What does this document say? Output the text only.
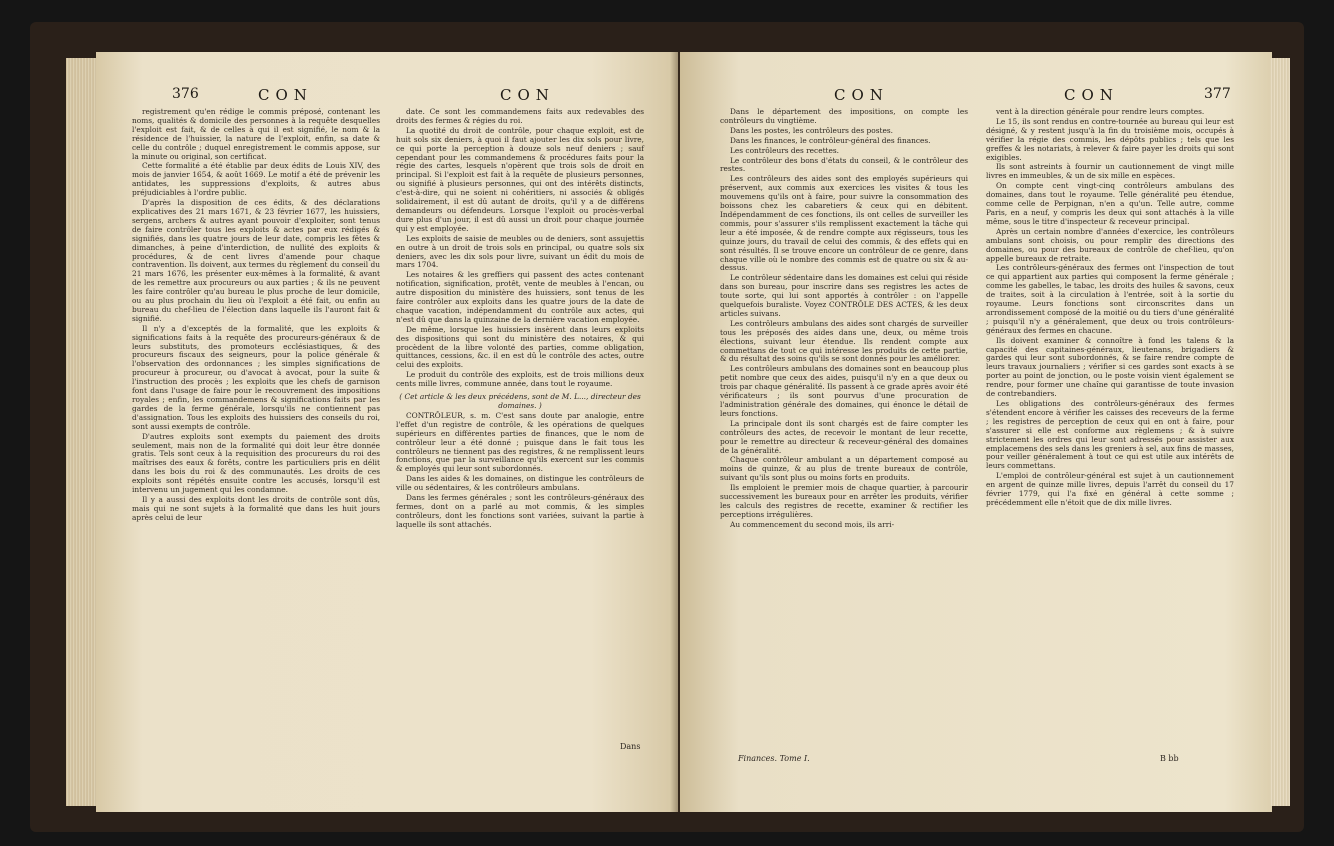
376	CON	CON

registrement qu'en rédige le commis préposé, contenant les noms, qualités & domicile des personnes à la requête desquelles l'exploit est fait, & de celles à qui il est signifié, le nom & la résidence de l'huissier, la nature de l'exploit, enfin, sa date & celle du contrôle ; duquel enregistrement le commis appose, sur la minute ou original, son certificat.

Cette formalité a été établie par deux édits de Louis XIV, des mois de janvier 1654, & août 1669. Le motif a été de prévenir les antidates, les suppressions d'exploits, & autres abus préjudiciables à l'ordre public.

D'après la disposition de ces édits, & des déclarations explicatives des 21 mars 1671, & 23 février 1677, les huissiers, sergens, archers & autres ayant pouvoir d'exploiter, sont tenus de faire contrôler tous les exploits & actes par eux rédigés & signifiés, dans les quatre jours de leur date, compris les fêtes & dimanches, à peine d'interdiction, de nullité des exploits & procédures, & de cent livres d'amende pour chaque contravention. Ils doivent, aux termes du règlement du conseil du 21 mars 1676, les présenter eux-mêmes à la formalité, & avant de les remettre aux procureurs ou aux parties ; & ils ne peuvent les faire contrôler qu'au bureau le plus proche de leur domicile, ou au plus prochain du lieu où l'exploit a été fait, ou enfin au bureau du chef-lieu de l'élection dans laquelle ils l'auront fait & signifié.

Il n'y a d'exceptés de la formalité, que les exploits & significations faits à la requête des procureurs-généraux & de leurs substituts, des promoteurs ecclésiastiques, & des procureurs fiscaux des seigneurs, pour la police générale & l'observation des ordonnances ; les simples significations de procureur à procureur, ou d'avocat à avocat, pour la suite & l'instruction des procès ; les exploits que les chefs de garnison font dans l'usage de faire pour le recouvrement des impositions royales ; enfin, les commandemens & significations faits par les gardes de la ferme générale, lorsqu'ils ne contiennent pas d'assignation. Tous les exploits des huissiers des conseils du roi, sont aussi exempts de contrôle.

D'autres exploits sont exempts du paiement des droits seulement, mais non de la formalité qui doit leur être donnée gratis. Tels sont ceux à la requisition des procureurs du roi des maîtrises des eaux & forêts, contre les particuliers pris en délit dans les bois du roi & des communautés. Les droits de ces exploits sont répétés ensuite contre les accusés, lorsqu'il est intervenu un jugement qui les condamne.

Il y a aussi des exploits dont les droits de contrôle sont dûs, mais qui ne sont sujets à la formalité que dans les huit jours après celui de leur

date. Ce sont les commandemens faits aux redevables des droits des fermes & régies du roi.

La quotité du droit de contrôle, pour chaque exploit, est de huit sols six deniers, à quoi il faut ajouter les dix sols pour livre, ce qui porte la perception à douze sols neuf deniers ; sauf cependant pour les commandemens & procédures faits pour la régie des cartes, lesquels n'opèrent que trois sols de droit en principal. Si l'exploit est fait à la requête de plusieurs personnes, ou signifié à plusieurs personnes, qui ont des intérêts distincts, c'est-à-dire, qui ne soient ni cohéritiers, ni associés & obligés solidairement, il est dû autant de droits, qu'il y a de différens demandeurs ou défendeurs. Lorsque l'exploit ou procès-verbal dure plus d'un jour, il est dû aussi un droit pour chaque journée qui y est employée.

Les exploits de saisie de meubles ou de deniers, sont assujettis en outre à un droit de trois sols en principal, ou quatre sols six deniers, avec les dix sols pour livre, suivant un édit du mois de mars 1704.

Les notaires & les greffiers qui passent des actes contenant notification, signification, protêt, vente de meubles à l'encan, ou autre disposition du ministère des huissiers, sont tenus de les faire contrôler aux exploits dans les quatre jours de la date de chaque vacation, indépendamment du contrôle aux actes, qui n'est dû que dans la quinzaine de la dernière vacation employée.

De même, lorsque les huissiers insèrent dans leurs exploits des dispositions qui sont du ministère des notaires, & qui procèdent de la libre volonté des parties, comme obligation, quittances, cessions, &c. il en est dû le contrôle des actes, outre celui des exploits.

Le produit du contrôle des exploits, est de trois millions deux cents mille livres, commune année, dans tout le royaume.

( Cet article & les deux précédens, sont de M. L..., directeur des domaines. )

CONTRÔLEUR, s. m. C'est sans doute par analogie, entre l'effet d'un registre de contrôle, & les opérations de quelques supérieurs en différentes parties de finances, que le nom de contrôleur leur a été donné ; puisque dans le fait tous les contrôleurs ne tiennent pas des registres, & ne remplissent leurs fonctions, que par la surveillance qu'ils exercent sur les commis & employés qui leur sont subordonnés.

Dans les aides & les domaines, on distingue les contrôleurs de ville ou sédentaires, & les contrôleurs ambulans.

Dans les fermes générales ; sont les contrôleurs-généraux des fermes, dont on a parlé au mot commis, & les simples contrôleurs, dont les fonctions sont variées, suivant la partie à laquelle ils sont attachés.

Dans
CON	CON	377

Dans le département des impositions, on compte les contrôleurs du vingtième.

Dans les postes, les contrôleurs des postes.

Dans les finances, le contrôleur-général des finances.

Les contrôleurs des recettes.

Le contrôleur des bons d'états du conseil, & le contrôleur des restes.

Les contrôleurs des aides sont des employés supérieurs qui préservent, aux commis aux exercices les visites & tous les mouvemens qu'ils ont à faire, pour suivre la consommation des boissons chez les cabaretiers & ceux qui en débitent. Indépendamment de ces fonctions, ils ont celles de surveiller les commis, pour s'assurer s'ils remplissent exactement la tâche qui leur a été imposée, & de rendre compte aux régisseurs, tous les quinze jours, du travail de celui des commis, & des effets qui en sont résultés. Il se trouve encore un contrôleur de ce genre, dans chaque ville où le nombre des commis est de quatre ou six & au-dessus.

Le contrôleur sédentaire dans les domaines est celui qui réside dans son bureau, pour inscrire dans ses registres les actes de toute sorte, qui lui sont apportés à contrôler : on l'appelle quelquefois buraliste. Voyez CONTRÔLE DES ACTES, & les deux articles suivans.

Les contrôleurs ambulans des aides sont chargés de surveiller tous les préposés des aides dans une, deux, ou même trois élections, suivant leur étendue. Ils rendent compte aux commettans de tout ce qui intéresse les produits de cette partie, & du résultat des soins qu'ils se sont donnés pour les améliorer.

Les contrôleurs ambulans des domaines sont en beaucoup plus petit nombre que ceux des aides, puisqu'il n'y en a que deux ou trois par chaque généralité. Ils passent à ce grade après avoir été vérificateurs ; ils sont pourvus d'une procuration de l'administration générale des domaines, qui énonce le détail de leurs fonctions.

La principale dont ils sont chargés est de faire compter les contrôleurs des actes, de recevoir le montant de leur recette, pour le remettre au directeur & receveur-général des domaines de la généralité.

Chaque contrôleur ambulant a un département composé au moins de quinze, & au plus de trente bureaux de contrôle, suivant qu'ils sont plus ou moins forts en produits.

Ils emploient le premier mois de chaque quartier, à parcourir successivement les bureaux pour en arrêter les produits, vérifier les calculs des registres de recette, examiner & rectifier les perceptions irrégulières.

Au commencement du second mois, ils arri-

vent à la direction générale pour rendre leurs comptes.

Le 15, ils sont rendus en contre-tournée au bureau qui leur est désigné, & y restent jusqu'à la fin du troisième mois, occupés à vérifier la régie des commis, les dépôts publics ; tels que les greffes & les notariats, à relever & faire payer les droits qui sont exigibles.

Ils sont astreints à fournir un cautionnement de vingt mille livres en immeubles, & un de six mille en espèces.

On compte cent vingt-cinq contrôleurs ambulans des domaines, dans tout le royaume. Telle généralité peu étendue, comme celle de Perpignan, n'en a qu'un. Telle autre, comme Paris, en a neuf, y compris les deux qui sont attachés à la ville même, sous le titre d'inspecteur & receveur principal.

Après un certain nombre d'années d'exercice, les contrôleurs ambulans sont choisis, ou pour remplir des directions des domaines, ou pour des bureaux de contrôle de chef-lieu, qu'on appelle bureaux de retraite.

Les contrôleurs-généraux des fermes ont l'inspection de tout ce qui appartient aux parties qui composent la ferme générale ; comme les gabelles, le tabac, les droits des huiles & savons, ceux de traites, soit à la circulation à l'entrée, soit à la sortie du royaume. Leurs fonctions sont circonscrites dans un arrondissement composé de la moitié ou du tiers d'une généralité ; puisqu'il n'y a généralement, que deux ou trois contrôleurs-généraux des fermes en chacune.

Ils doivent examiner & connoître à fond les talens & la capacité des capitaines-généraux, lieutenans, brigadiers & gardes qui leur sont subordonnés, & se faire rendre compte de leurs travaux journaliers ; vérifier si ces gardes sont exacts à se porter au point de jonction, ou le poste voisin vient également se rendre, pour former une chaîne qui garantisse de toute invasion de contrebandiers.

Les obligations des contrôleurs-généraux des fermes s'étendent encore à vérifier les caisses des receveurs de la ferme ; les registres de perception de ceux qui en ont à faire, pour s'assurer si elle est conforme aux règlemens ; & à suivre strictement les ordres qui leur sont adressés pour assister aux emplacemens des sels dans les greniers à sel, aux fins de masses, pour veiller généralement à tout ce qui est utile aux intérêts de leurs commettans.

L'emploi de contrôleur-général est sujet à un cautionnement en argent de quinze mille livres, depuis l'arrêt du conseil du 17 février 1779, qui l'a fixé en général à cette somme ; précédemment elle n'étoit que de dix mille livres.

Finances. Tome I.	B bb
